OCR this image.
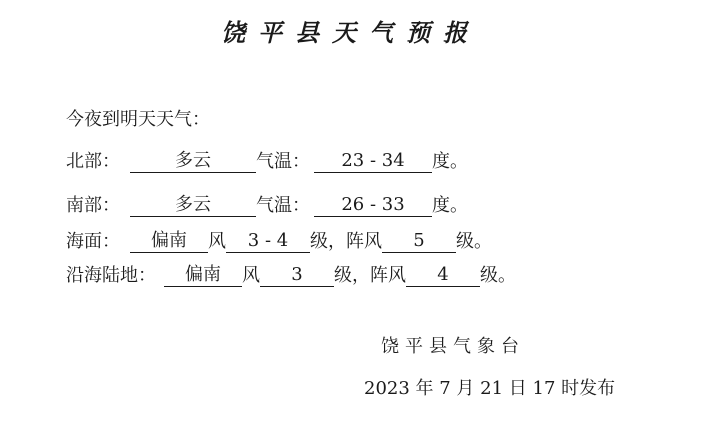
饶平县天气预报
今夜到明天天气：
北部：	多云	气温： 23 - 34 度。
南部：	多云	气温： 26 - 33 度。
海面： 偏南 风 3 - 4 级，阵风 5 级。
沿海陆地： 偏南 风 3 级，阵风 4 级。
饶平县气象台
2023 年 7 月 21 日 17 时发布
